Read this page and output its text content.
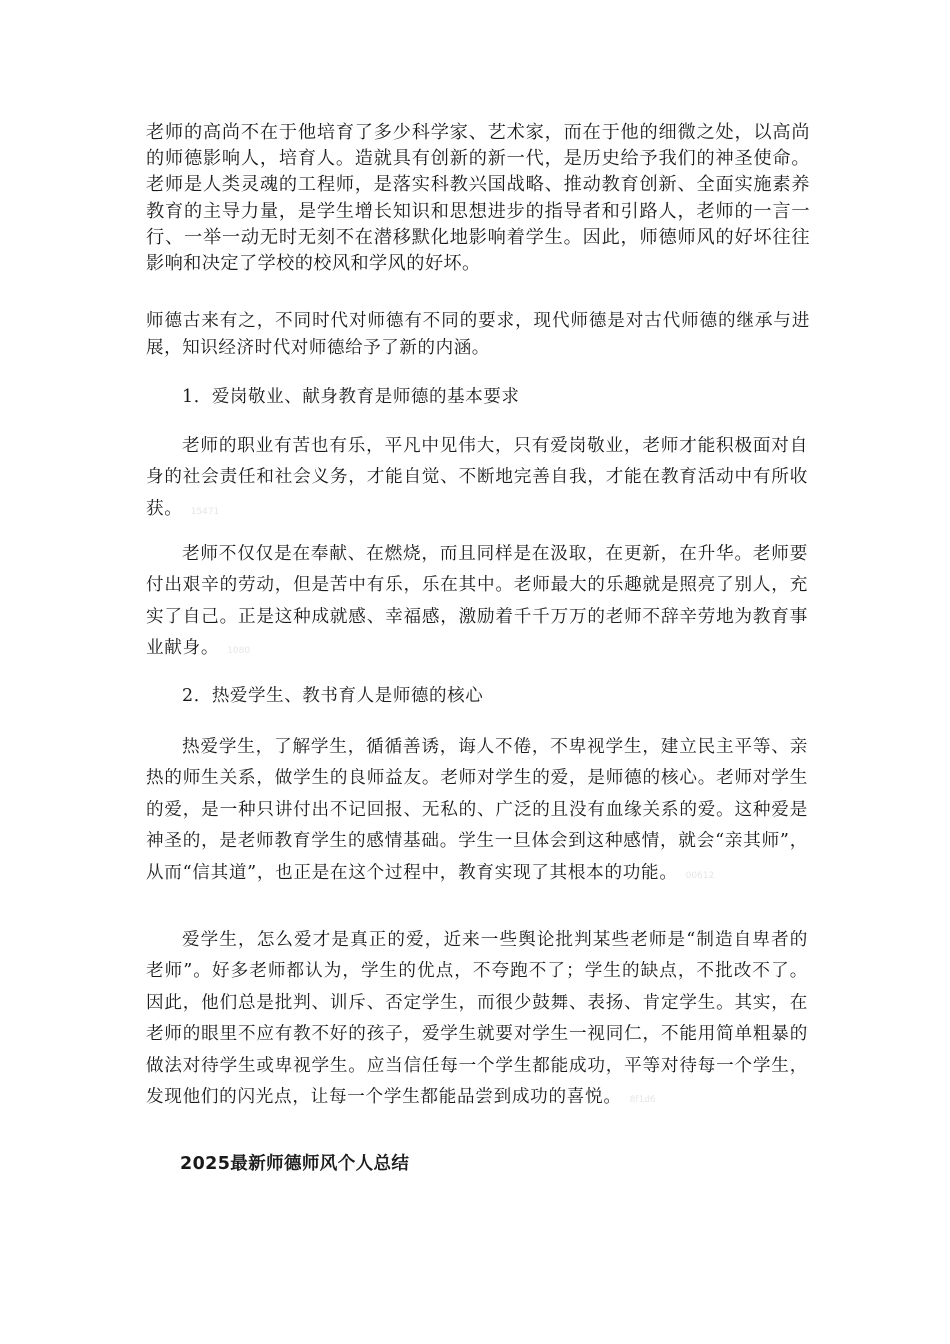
老师的高尚不在于他培育了多少科学家、艺术家，而在于他的细微之处，以高尚的师德影响人，培育人。造就具有创新的新一代，是历史给予我们的神圣使命。老师是人类灵魂的工程师，是落实科教兴国战略、推动教育创新、全面实施素养教育的主导力量，是学生增长知识和思想进步的指导者和引路人，老师的一言一行、一举一动无时无刻不在潜移默化地影响着学生。因此，师德师风的好坏往往影响和决定了学校的校风和学风的好坏。

师德古来有之，不同时代对师德有不同的要求，现代师德是对古代师德的继承与进展，知识经济时代对师德给予了新的内涵。

1．爱岗敬业、献身教育是师德的基本要求

老师的职业有苦也有乐，平凡中见伟大，只有爱岗敬业，老师才能积极面对自身的社会责任和社会义务，才能自觉、不断地完善自我，才能在教育活动中有所收获。 15471

老师不仅仅是在奉献、在燃烧，而且同样是在汲取，在更新，在升华。老师要付出艰辛的劳动，但是苦中有乐，乐在其中。老师最大的乐趣就是照亮了别人，充实了自己。正是这种成就感、幸福感，激励着千千万万的老师不辞辛劳地为教育事业献身。 1080

2．热爱学生、教书育人是师德的核心

热爱学生，了解学生，循循善诱，诲人不倦，不卑视学生，建立民主平等、亲热的师生关系，做学生的良师益友。老师对学生的爱，是师德的核心。老师对学生的爱，是一种只讲付出不记回报、无私的、广泛的且没有血缘关系的爱。这种爱是神圣的，是老师教育学生的感情基础。学生一旦体会到这种感情，就会“亲其师”，从而“信其道”，也正是在这个过程中，教育实现了其根本的功能。 00612

爱学生，怎么爱才是真正的爱，近来一些舆论批判某些老师是“制造自卑者的老师”。好多老师都认为，学生的优点，不夸跑不了；学生的缺点，不批改不了。因此，他们总是批判、训斥、否定学生，而很少鼓舞、表扬、肯定学生。其实，在老师的眼里不应有教不好的孩子，爱学生就要对学生一视同仁，不能用简单粗暴的做法对待学生或卑视学生。应当信任每一个学生都能成功，平等对待每一个学生，发现他们的闪光点，让每一个学生都能品尝到成功的喜悦。 8f1d6

2025最新师德师风个人总结
